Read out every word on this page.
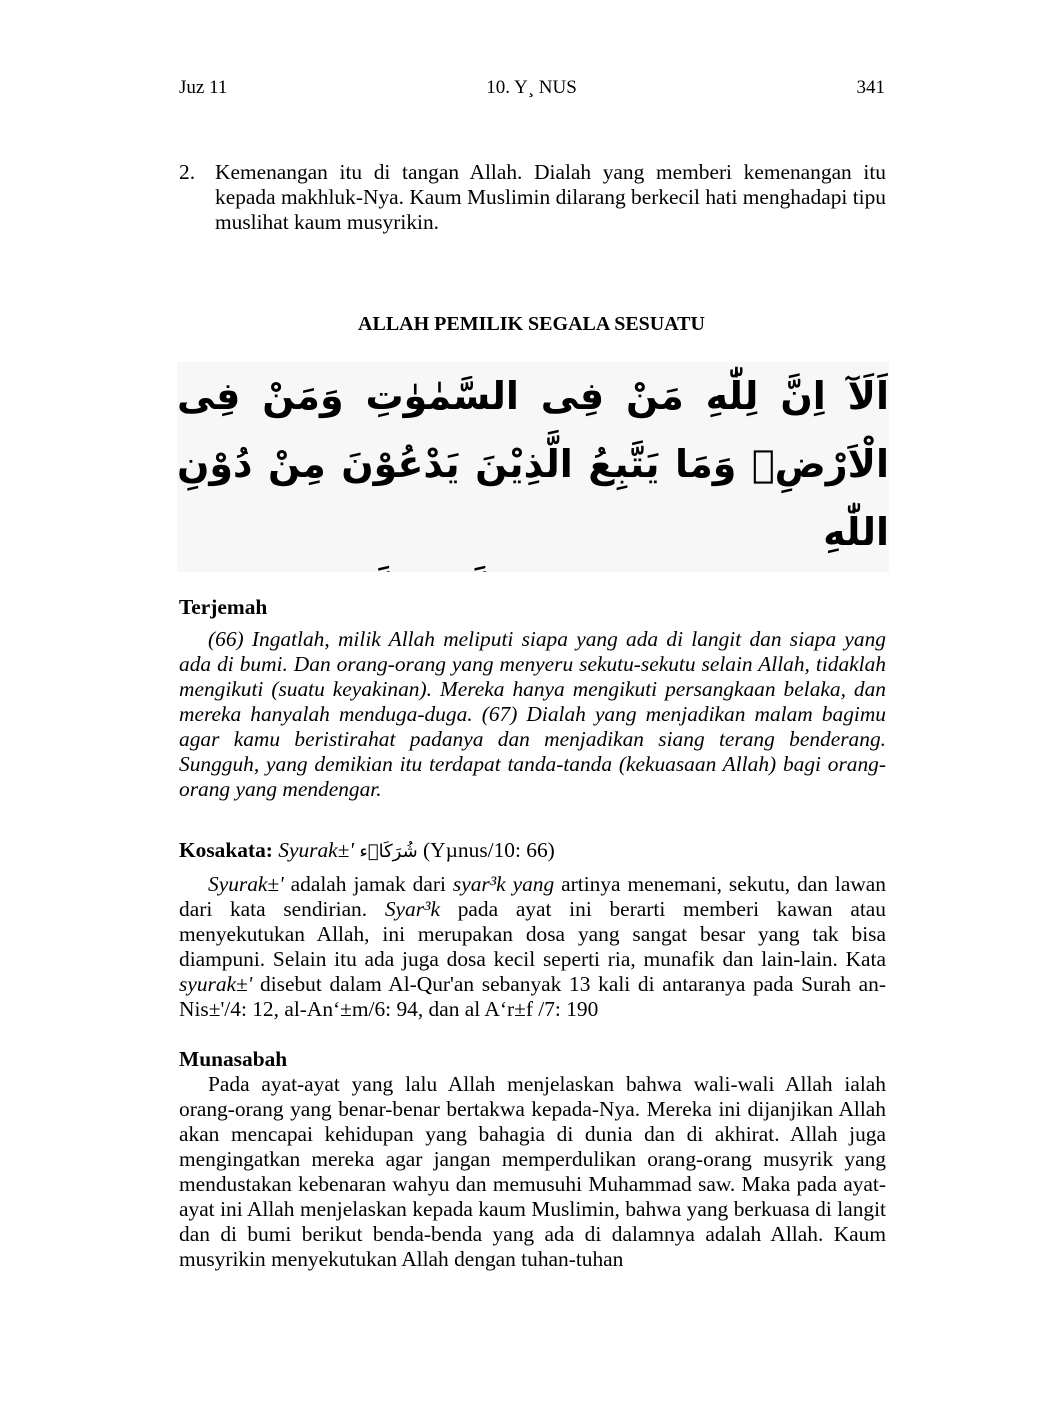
Juz 11	10. Y¸ NUS	341
2. Kemenangan itu di tangan Allah. Dialah yang memberi kemenangan itu kepada makhluk-Nya. Kaum Muslimin dilarang berkecil hati menghadapi tipu muslihat kaum musyrikin.
ALLAH PEMILIK SEGALA SESUATU
اَلَآ اِنَّ لِلّٰهِ مَنْ فِى السَّمٰوٰتِ وَمَنْ فِى الْاَرْضِۗ وَمَا يَتَّبِعُ الَّذِيْنَ يَدْعُوْنَ مِنْ دُوْنِ اللّٰهِ

Terjemah
(66) Ingatlah, milik Allah meliputi siapa yang ada di langit dan siapa yang ada di bumi. Dan orang-orang yang menyeru sekutu-sekutu selain Allah, tidaklah mengikuti (suatu keyakinan). Mereka hanya mengikuti persangkaan belaka, dan mereka hanyalah menduga-duga. (67) Dialah yang menjadikan malam bagimu agar kamu beristirahat padanya dan menjadikan siang terang benderang. Sungguh, yang demikian itu terdapat tanda-tanda (kekuasaan Allah) bagi orang-orang yang mendengar.
Kosakata: Syurak±' شُرَكَاۤء (Yµnus/10: 66)
Syurak±' adalah jamak dari syar³k yang artinya menemani, sekutu, dan lawan dari kata sendirian. Syar³k pada ayat ini berarti memberi kawan atau menyekutukan Allah, ini merupakan dosa yang sangat besar yang tak bisa diampuni. Selain itu ada juga dosa kecil seperti ria, munafik dan lain-lain. Kata syurak±' disebut dalam Al-Qur'an sebanyak 13 kali di antaranya pada Surah an-Nis±'/4: 12, al-An‘±m/6: 94, dan al A‘r±f /7: 190
Munasabah
Pada ayat-ayat yang lalu Allah menjelaskan bahwa wali-wali Allah ialah orang-orang yang benar-benar bertakwa kepada-Nya. Mereka ini dijanjikan Allah akan mencapai kehidupan yang bahagia di dunia dan di akhirat. Allah juga mengingatkan mereka agar jangan memperdulikan orang-orang musyrik yang mendustakan kebenaran wahyu dan memusuhi Muhammad saw. Maka pada ayat-ayat ini Allah menjelaskan kepada kaum Muslimin, bahwa yang berkuasa di langit dan di bumi berikut benda-benda yang ada di dalamnya adalah Allah. Kaum musyrikin menyekutukan Allah dengan tuhan-tuhan
